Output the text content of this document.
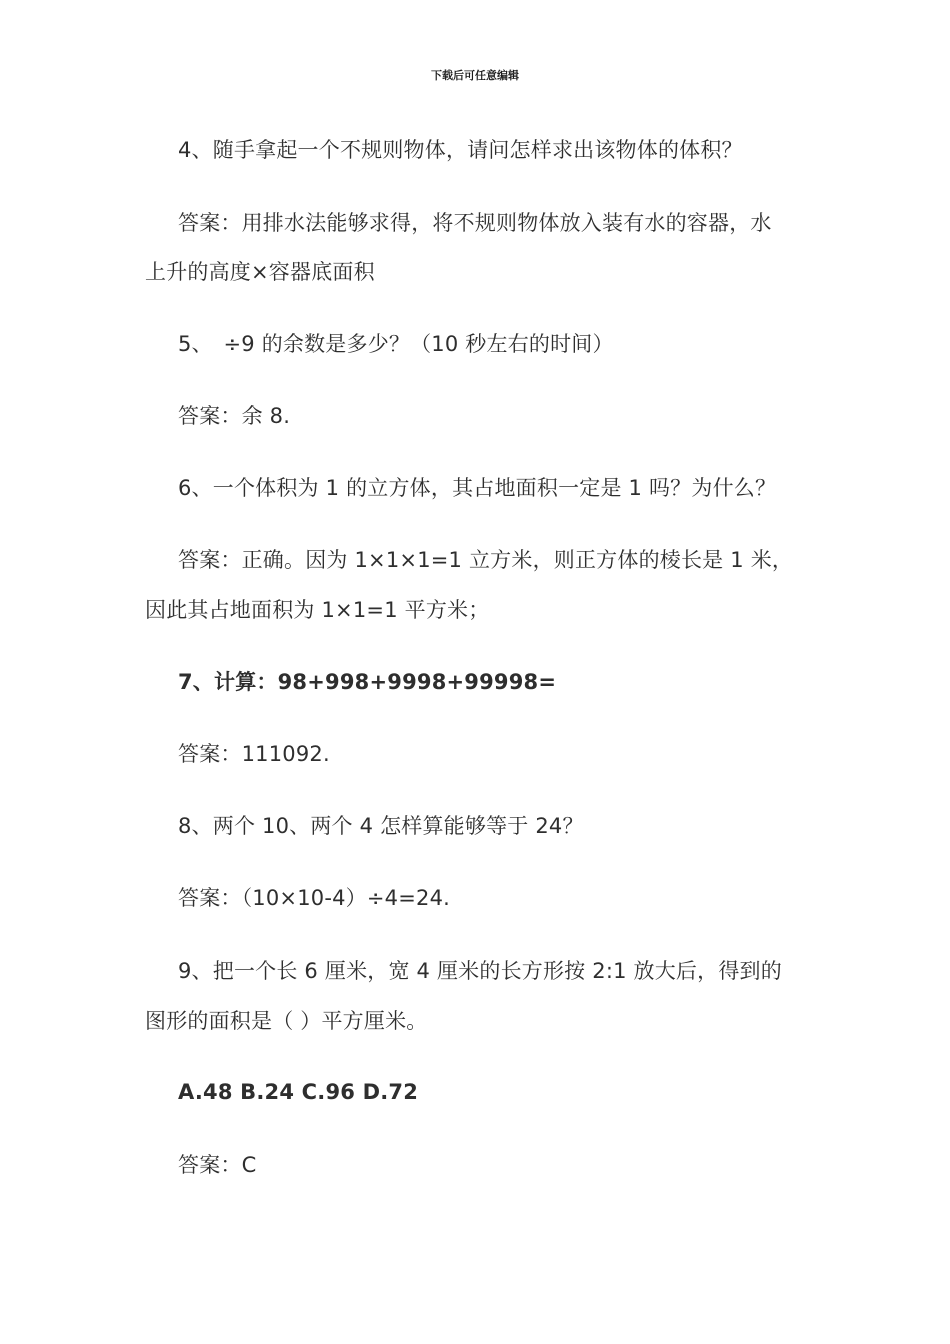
下载后可任意编辑
4、随手拿起一个不规则物体，请问怎样求出该物体的体积？
答案：用排水法能够求得，将不规则物体放入装有水的容器，水
上升的高度×容器底面积
5、　÷9 的余数是多少？（10 秒左右的时间）
答案：余 8.
6、一个体积为 1 的立方体，其占地面积一定是 1 吗？为什么？
答案：正确。因为 1×1×1=1 立方米，则正方体的棱长是 1 米，
因此其占地面积为 1×1=1 平方米；
7、计算：98+998+9998+99998=
答案：111092.
8、两个 10、两个 4 怎样算能够等于 24？
答案：（10×10-4）÷4=24.
9、把一个长 6 厘米，宽 4 厘米的长方形按 2:1 放大后，得到的
图形的面积是（ ）平方厘米。
A.48 B.24 C.96 D.72
答案：C
